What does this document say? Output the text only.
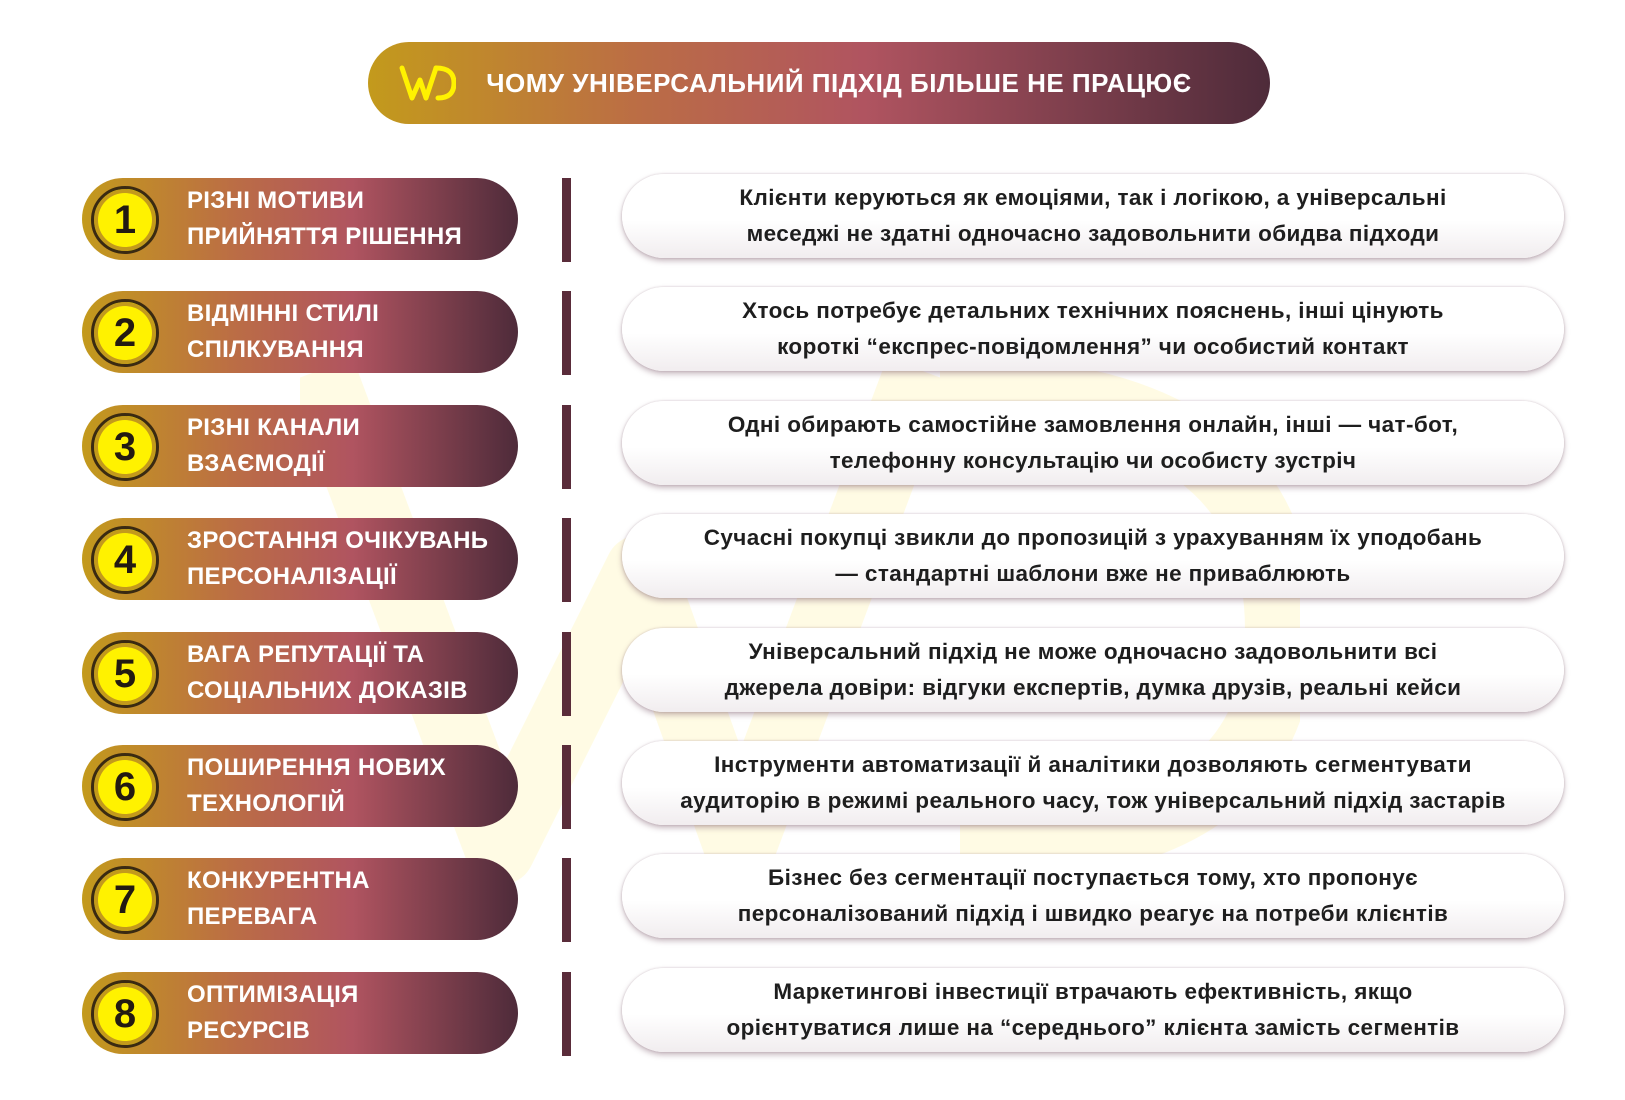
ЧОМУ УНІВЕРСАЛЬНИЙ ПІДХІД БІЛЬШЕ НЕ ПРАЦЮЄ
1	РІЗНІ МОТИВИ
ПРИЙНЯТТЯ РІШЕННЯ
Клієнти керуються як емоціями, так і логікою, а універсальні
меседжі не здатні одночасно задовольнити обидва підходи
2	ВІДМІННІ СТИЛІ
СПІЛКУВАННЯ
Хтось потребує детальних технічних пояснень, інші цінують
короткі “експрес-повідомлення” чи особистий контакт
3	РІЗНІ КАНАЛИ
ВЗАЄМОДІЇ
Одні обирають самостійне замовлення онлайн, інші — чат-бот,
телефонну консультацію чи особисту зустріч
4	ЗРОСТАННЯ ОЧІКУВАНЬ
ПЕРСОНАЛІЗАЦІЇ
Сучасні покупці звикли до пропозицій з урахуванням їх уподобань
— стандартні шаблони вже не приваблюють
5	ВАГА РЕПУТАЦІЇ ТА
СОЦІАЛЬНИХ ДОКАЗІВ
Універсальний підхід не може одночасно задовольнити всі
джерела довіри: відгуки експертів, думка друзів, реальні кейси
6	ПОШИРЕННЯ НОВИХ
ТЕХНОЛОГІЙ
Інструменти автоматизації й аналітики дозволяють сегментувати
аудиторію в режимі реального часу, тож універсальний підхід застарів
7	КОНКУРЕНТНА
ПЕРЕВАГА
Бізнес без сегментації поступається тому, хто пропонує
персоналізований підхід і швидко реагує на потреби клієнтів
8	ОПТИМІЗАЦІЯ
РЕСУРСІВ
Маркетингові інвестиції втрачають ефективність, якщо
орієнтуватися лише на “середнього” клієнта замість сегментів
